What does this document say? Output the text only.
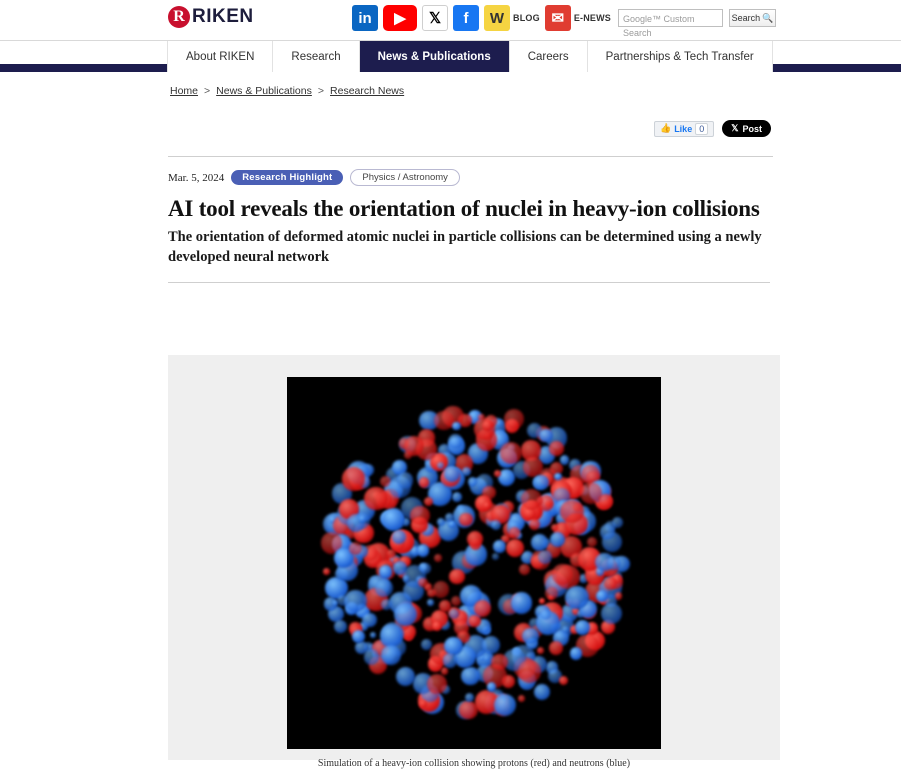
R RIKEN	in	▶	𝕏	f	W BLOG ✉	E-NEWS	Google™ Custom Search
Search 🔍
About RIKEN	Research	News & Publications	Careers	Partnerships & Tech Transfer
Home > News & Publications > Research News
👍 Like 0	𝕏 Post
Mar. 5, 2024	Research Highlight	Physics / Astronomy
AI tool reveals the orientation of nuclei in heavy-ion collisions
The orientation of deformed atomic nuclei in particle collisions can be determined using a newly developed neural network
Simulation of a heavy-ion collision showing protons (red) and neutrons (blue)
